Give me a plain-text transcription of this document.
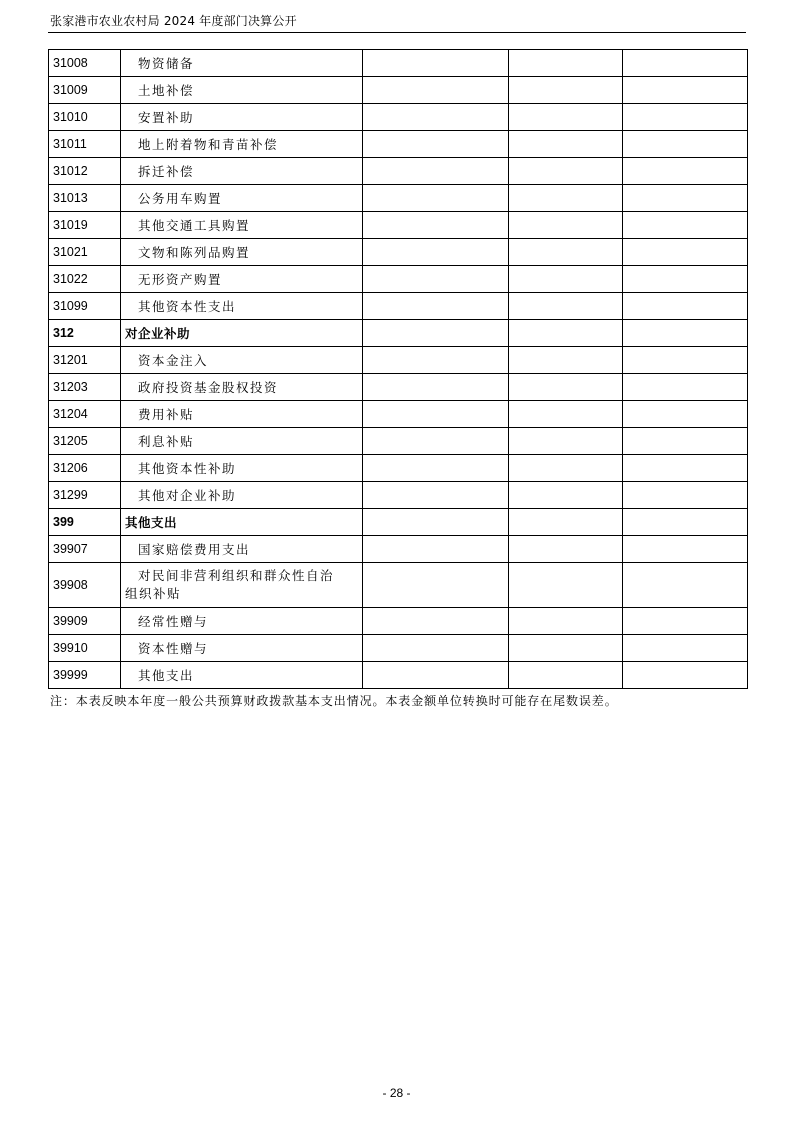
张家港市农业农村局 2024 年度部门决算公开
31008	物资储备			
31009	土地补偿			
31010	安置补助			
31011	地上附着物和青苗补偿			
31012	拆迁补偿			
31013	公务用车购置			
31019	其他交通工具购置			
31021	文物和陈列品购置			
31022	无形资产购置			
31099	其他资本性支出			
312	对企业补助			
31201	资本金注入			
31203	政府投资基金股权投资			
31204	费用补贴			
31205	利息补贴			
31206	其他资本性补助			
31299	其他对企业补助			
399	其他支出			
39907	国家赔偿费用支出			
39908	对民间非营利组织和群众性自治
组织补贴			
39909	经常性赠与			
39910	资本性赠与			
39999	其他支出			
注：本表反映本年度一般公共预算财政拨款基本支出情况。本表金额单位转换时可能存在尾数误差。
- 28 -
